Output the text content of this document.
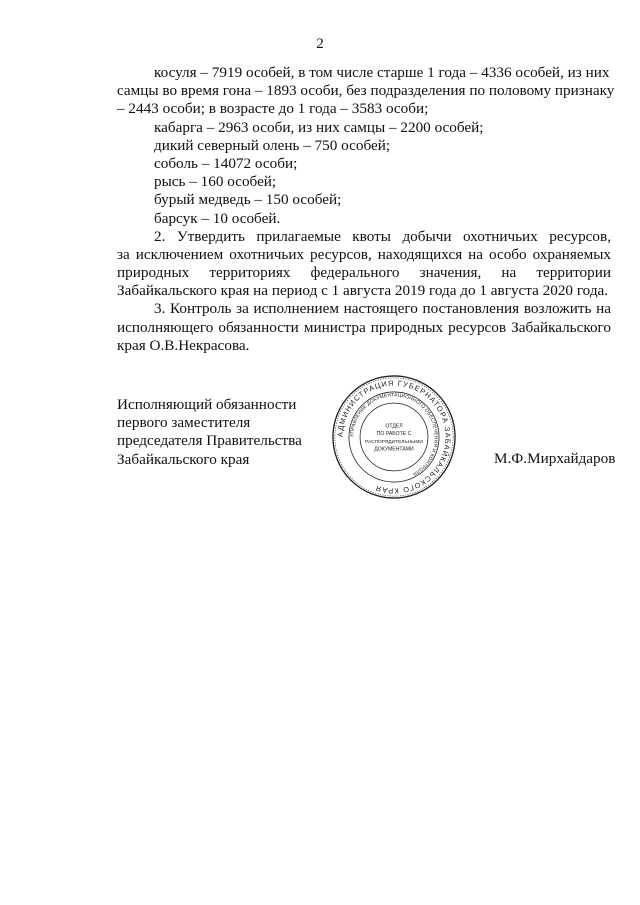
2
косуля – 7919 особей, в том числе старше 1 года – 4336 особей, из них
самцы во время гона – 1893 особи, без подразделения по половому признаку
– 2443 особи; в возрасте до 1 года – 3583 особи;
кабарга – 2963 особи, из них самцы – 2200 особей;
дикий северный олень – 750 особей;
соболь – 14072 особи;
рысь – 160 особей;
бурый медведь – 150 особей;
барсук – 10 особей.
2. Утвердить прилагаемые квоты добычи охотничьих ресурсов,
за исключением охотничьих ресурсов, находящихся на особо охраняемых
природных территориях федерального значения, на территории
Забайкальского края на период с 1 августа 2019 года до 1 августа 2020 года.
3. Контроль за исполнением настоящего постановления возложить на
исполняющего обязанности министра природных ресурсов Забайкальского
края О.В.Некрасова.
Исполняющий обязанности
первого заместителя
председателя Правительства
Забайкальского края	М.Ф.Мирхайдаров
АДМИНИСТРАЦИЯ ГУБЕРНАТОРА ЗАБАЙКАЛЬСКОГО КРАЯ
УПРАВЛЕНИЕ ДОКУМЕНТАЦИОННОГО ОБЕСПЕЧЕНИЯ И КОНТРОЛЯ
ОТДЕЛ
ПО РАБОТЕ С
РАСПОРЯДИТЕЛЬНЫМИ
ДОКУМЕНТАМИ
